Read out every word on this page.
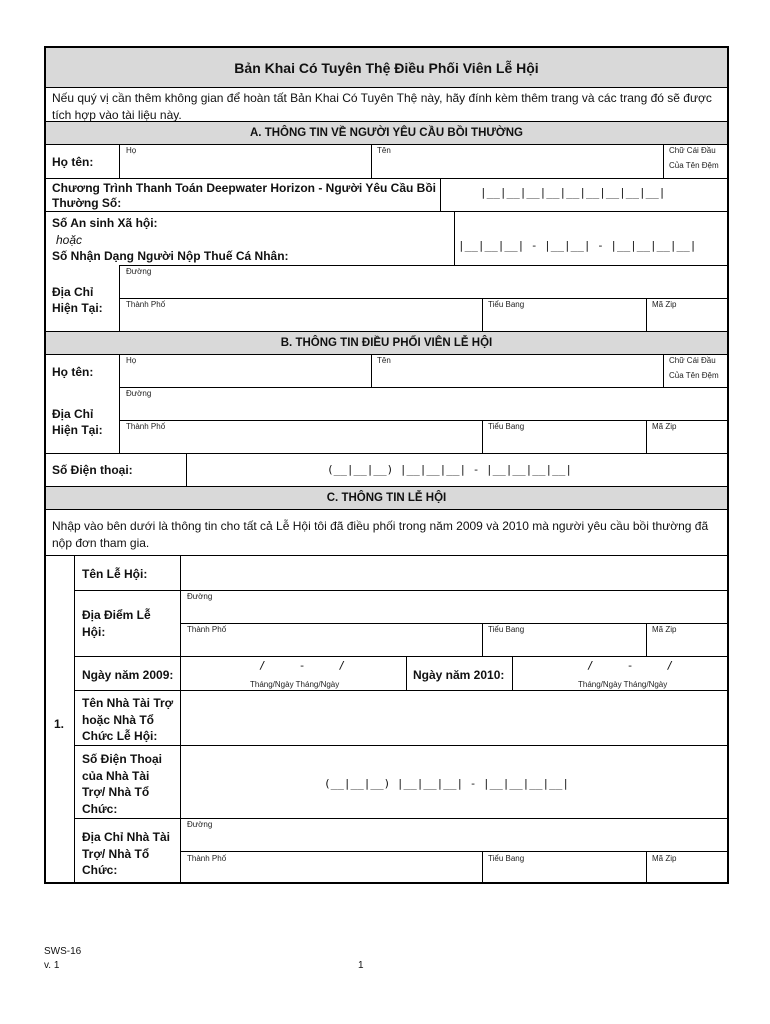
Bản Khai Có Tuyên Thệ Điều Phối Viên Lễ Hội
Nếu quý vị cần thêm không gian để hoàn tất Bản Khai Có Tuyên Thệ này, hãy đính kèm thêm trang và các trang đó sẽ được tích hợp vào tài liệu này.
A. THÔNG TIN VỀ NGƯỜI YÊU CẦU BỒI THƯỜNG
Họ tên:
Họ	Tên	Chữ Cái Đầu
Của Tên Đệm
Chương Trình Thanh Toán Deepwater Horizon - Người Yêu Cầu Bồi
Thường Số:
|__|__|__|__|__|__|__|__|__|
Số An sinh Xã hội:
hoặc
Số Nhận Dạng Người Nộp Thuế Cá Nhân:
|__|__|__| - |__|__| - |__|__|__|__|
Địa Chỉ
Hiện Tại:
Đường
Thành Phố	Tiểu Bang	Mã Zip
B. THÔNG TIN ĐIỀU PHỐI VIÊN LỄ HỘI
Họ tên:
Họ	Tên	Chữ Cái Đầu
Của Tên Đệm
Địa Chỉ
Hiện Tại:
Đường
Thành Phố	Tiểu Bang	Mã Zip
Số Điện thoại:	(__|__|__) |__|__|__| - |__|__|__|__|
C. THÔNG TIN LỄ HỘI
Nhập vào bên dưới là thông tin cho tất cả Lễ Hội tôi đã điều phối trong năm 2009 và 2010 mà người yêu cầu bồi thường đã nộp đơn tham gia.
1.
Tên Lễ Hội:
Địa Điểm Lễ
Hội:
Đường
Thành Phố	Tiểu Bang	Mã Zip
Ngày năm 2009:
/     -     /
Tháng/Ngày Tháng/Ngày
Ngày năm 2010:
/     -     /
Tháng/Ngày Tháng/Ngày
Tên Nhà Tài Trợ
hoặc Nhà Tổ
Chức Lễ Hội:
Số Điện Thoại
của Nhà Tài
Trợ/ Nhà Tổ
Chức:
(__|__|__) |__|__|__| - |__|__|__|__|
Địa Chỉ Nhà Tài
Trợ/ Nhà Tổ
Chức:
Đường
Thành Phố	Tiểu Bang	Mã Zip
SWS-16
v. 1	1
